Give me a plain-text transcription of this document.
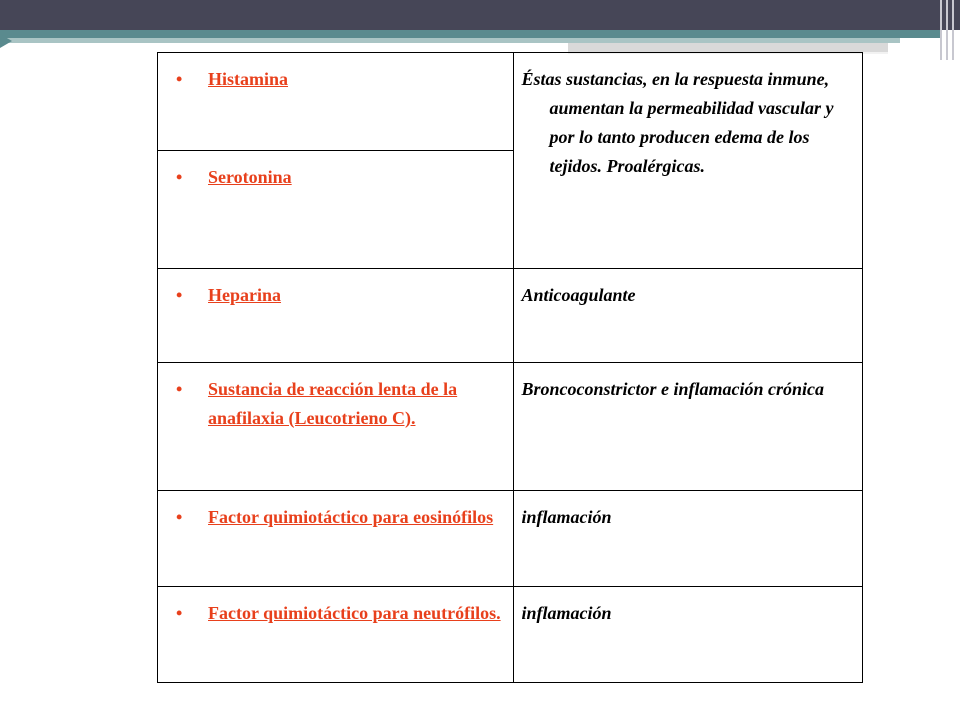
• Histamina	Éstas sustancias, en la respuesta inmune, aumentan la permeabilidad vascular y por lo tanto producen edema de los tejidos. Proalérgicas.

• Serotonina	

• Heparina	Anticoagulante

• Sustancia de reacción lenta de la anafilaxia (Leucotrieno C).	Broncoconstrictor e inflamación crónica

• Factor quimiotáctico para eosinófilos	inflamación

• Factor quimiotáctico para neutrófilos.	inflamación
